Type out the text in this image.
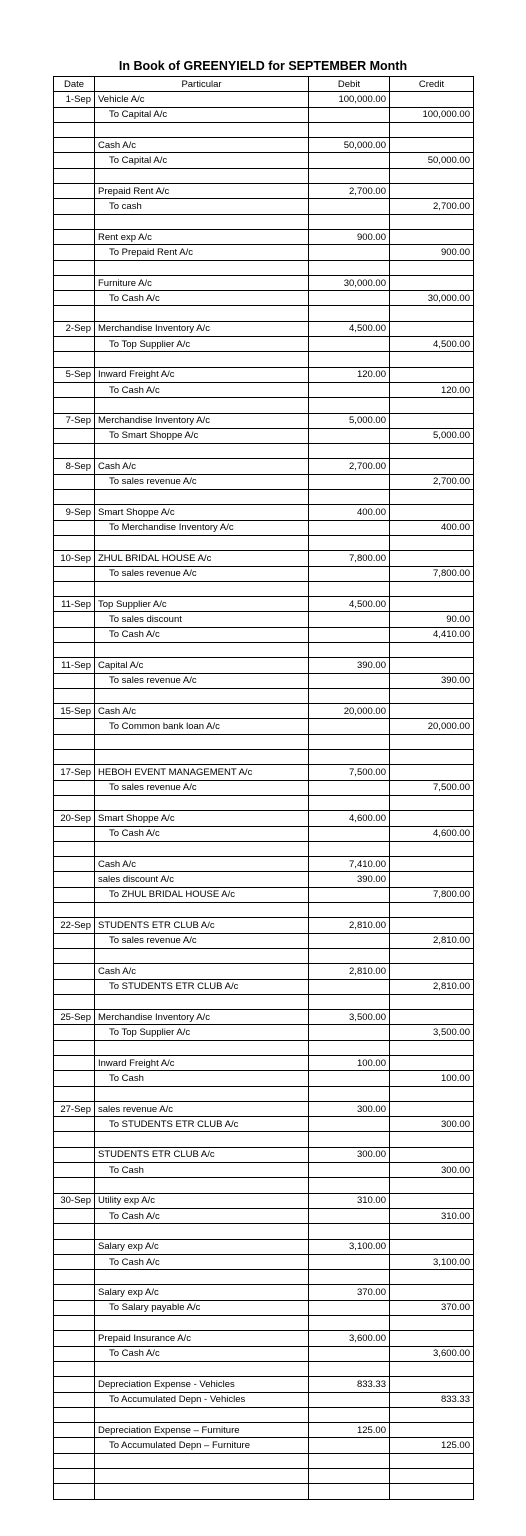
In Book of GREENYIELD for SEPTEMBER Month
Date	Particular	Debit	Credit
1-Sep	Vehicle A/c	100,000.00	
	To Capital A/c		100,000.00

	Cash A/c	50,000.00	
	To Capital A/c		50,000.00

	Prepaid Rent A/c	2,700.00	
	To cash		2,700.00

	Rent exp A/c	900.00	
	To Prepaid Rent A/c		900.00

	Furniture A/c	30,000.00	
	To Cash A/c		30,000.00

2-Sep	Merchandise Inventory A/c	4,500.00	
	To Top Supplier A/c		4,500.00

5-Sep	Inward Freight A/c	120.00	
	To Cash A/c		120.00

7-Sep	Merchandise Inventory A/c	5,000.00	
	To Smart Shoppe A/c		5,000.00

8-Sep	Cash A/c	2,700.00	
	To sales revenue A/c		2,700.00

9-Sep	Smart Shoppe A/c	400.00	
	To Merchandise Inventory A/c		400.00

10-Sep	ZHUL BRIDAL HOUSE A/c	7,800.00	
	To sales revenue A/c		7,800.00

11-Sep	Top Supplier A/c	4,500.00	
	To sales discount		90.00
	To Cash A/c		4,410.00

11-Sep	Capital A/c	390.00	
	To sales revenue A/c		390.00

15-Sep	Cash A/c	20,000.00	
	To Common bank loan A/c		20,000.00

17-Sep	HEBOH EVENT MANAGEMENT A/c	7,500.00	
	To sales revenue A/c		7,500.00

20-Sep	Smart Shoppe A/c	4,600.00	
	To Cash A/c		4,600.00

	Cash A/c	7,410.00	
	sales discount A/c	390.00	
	To ZHUL BRIDAL HOUSE A/c		7,800.00

22-Sep	STUDENTS ETR CLUB A/c	2,810.00	
	To sales revenue A/c		2,810.00

	Cash A/c	2,810.00	
	To STUDENTS ETR CLUB A/c		2,810.00

25-Sep	Merchandise Inventory A/c	3,500.00	
	To Top Supplier A/c		3,500.00

	Inward Freight A/c	100.00	
	To Cash		100.00

27-Sep	sales revenue A/c	300.00	
	To STUDENTS ETR CLUB A/c		300.00

	STUDENTS ETR CLUB A/c	300.00	
	To Cash		300.00

30-Sep	Utility exp A/c	310.00	
	To Cash A/c		310.00

	Salary exp A/c	3,100.00	
	To Cash A/c		3,100.00

	Salary exp A/c	370.00	
	To Salary payable A/c		370.00

	Prepaid Insurance A/c	3,600.00	
	To Cash A/c		3,600.00

	Depreciation Expense - Vehicles	833.33	
	To Accumulated Depn - Vehicles		833.33

	Depreciation Expense – Furniture	125.00	
	To Accumulated Depn – Furniture		125.00
